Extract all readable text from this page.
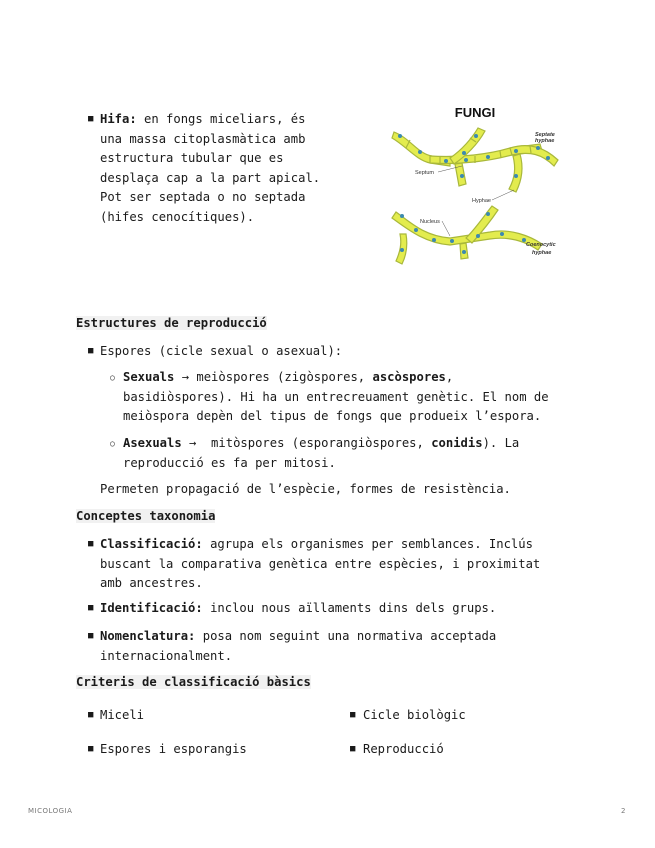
■ Hifa: en fongs miceliars, és
una massa citoplasmàtica amb
estructura tubular que es
desplaça cap a la part apical.
Pot ser septada o no septada
(hifes cenocítiques).
FUNGI
Septate
hyphae
Septum
Hyphae
Nucleus
Coenocytic
hyphae
Estructures de reproducció
■ Espores (cicle sexual o asexual):
○ Sexuals → meiòspores (zigòspores, ascòspores,
basidiòspores). Hi ha un entrecreuament genètic. El nom de
meiòspora depèn del tipus de fongs que produeix l’espora.
○ Asexuals →  mitòspores (esporangiòspores, conidis). La
reproducció es fa per mitosi.
Permeten propagació de l’espècie, formes de resistència.
Conceptes taxonomia
■ Classificació: agrupa els organismes per semblances. Inclús
buscant la comparativa genètica entre espècies, i proximitat
amb ancestres.
■ Identificació: inclou nous aïllaments dins dels grups.
■ Nomenclatura: posa nom seguint una normativa acceptada
internacionalment.
Criteris de classificació bàsics
■ Miceli	■ Cicle biològic
■ Espores i esporangis	■ Reproducció
MICOLOGIA	2
